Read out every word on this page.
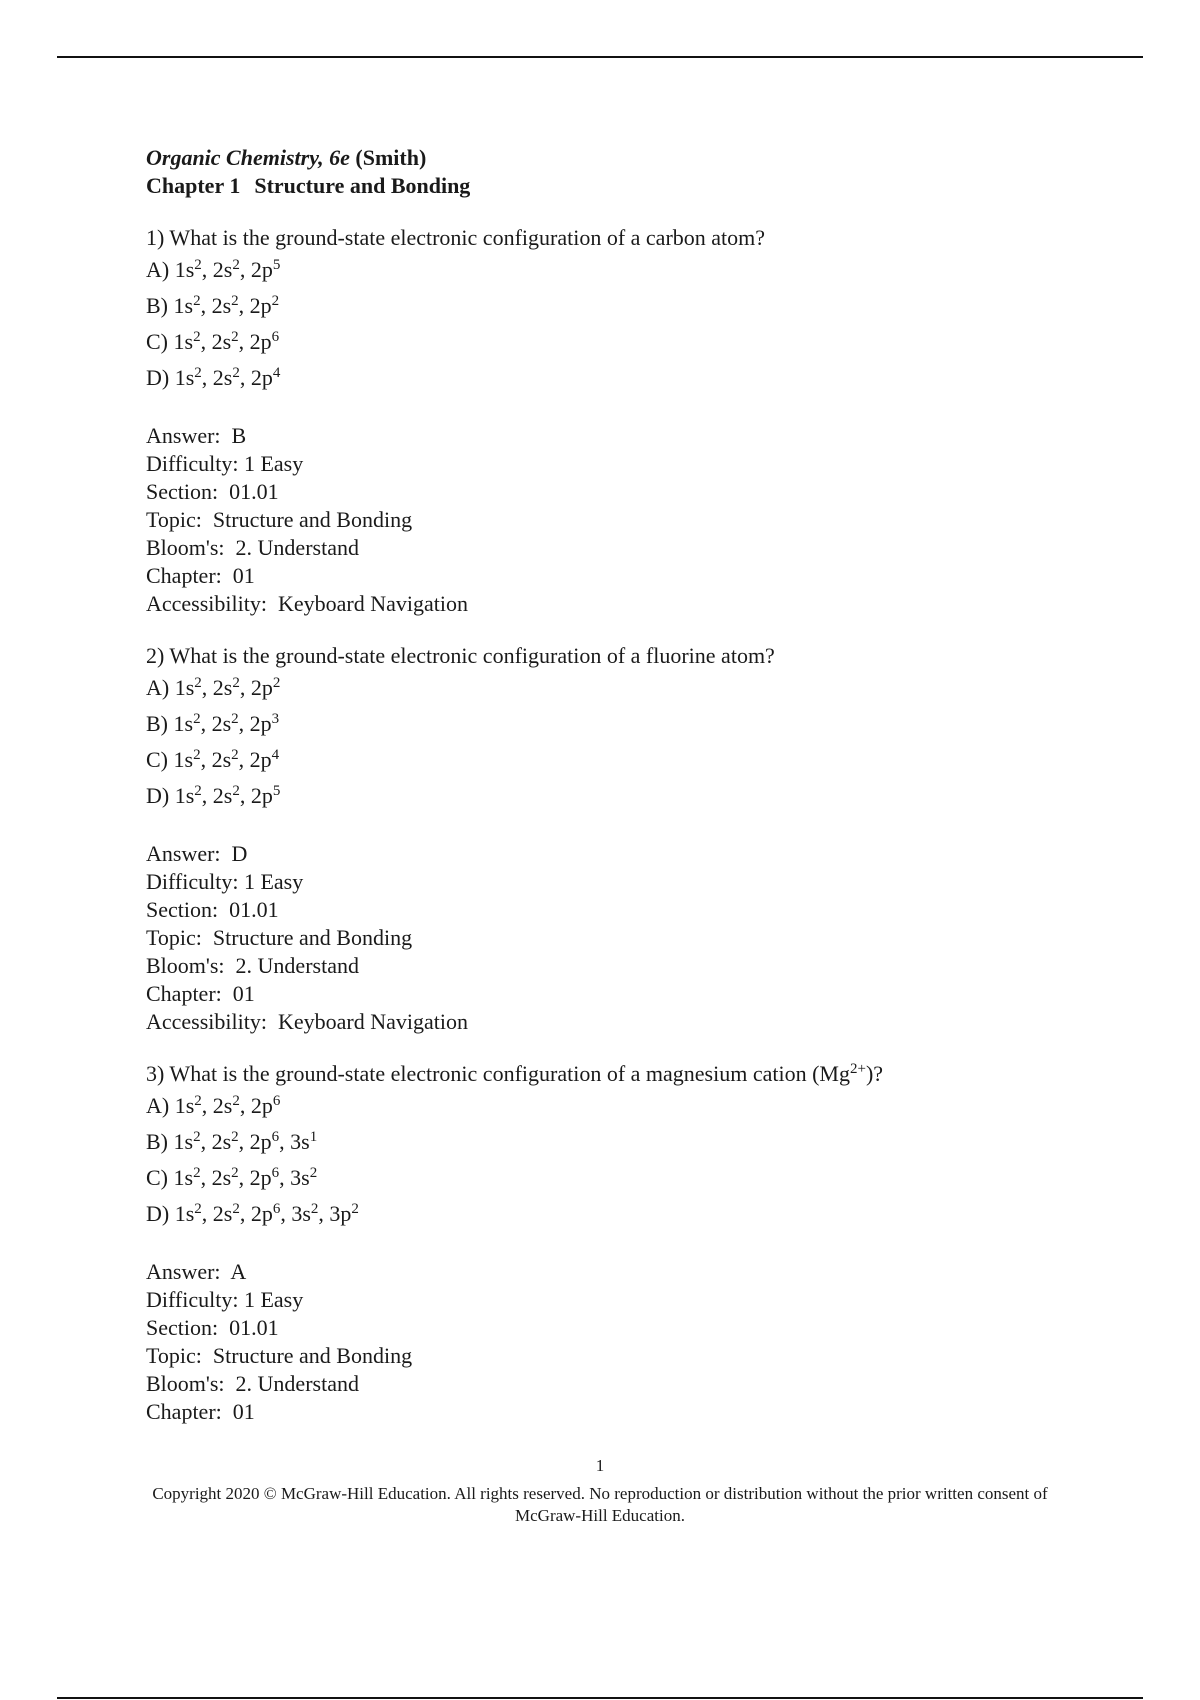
Organic Chemistry, 6e (Smith)
Chapter 1 Structure and Bonding
1) What is the ground-state electronic configuration of a carbon atom?
A) $1s^2$, $2s^2$, $2p^5$
B) $1s^2$, $2s^2$, $2p^2$
C) $1s^2$, $2s^2$, $2p^6$
D) $1s^2$, $2s^2$, $2p^4$
Answer:  B
Difficulty: 1 Easy
Section:  01.01
Topic:  Structure and Bonding
Bloom's:  2. Understand
Chapter:  01
Accessibility:  Keyboard Navigation
2) What is the ground-state electronic configuration of a fluorine atom?
A) $1s^2$, $2s^2$, $2p^2$
B) $1s^2$, $2s^2$, $2p^3$
C) $1s^2$, $2s^2$, $2p^4$
D) $1s^2$, $2s^2$, $2p^5$
Answer:  D
Difficulty: 1 Easy
Section:  01.01
Topic:  Structure and Bonding
Bloom's:  2. Understand
Chapter:  01
Accessibility:  Keyboard Navigation
3) What is the ground-state electronic configuration of a magnesium cation $(Mg^{2+})$?
A) $1s^2$, $2s^2$, $2p^6$
B) $1s^2$, $2s^2$, $2p^6$, $3s^1$
C) $1s^2$, $2s^2$, $2p^6$, $3s^2$
D) $1s^2$, $2s^2$, $2p^6$, $3s^2$, $3p^2$
Answer:  A
Difficulty: 1 Easy
Section:  01.01
Topic:  Structure and Bonding
Bloom's:  2. Understand
Chapter:  01
1
Copyright 2020 © McGraw-Hill Education. All rights reserved. No reproduction or distribution without the prior written consent of McGraw-Hill Education.
